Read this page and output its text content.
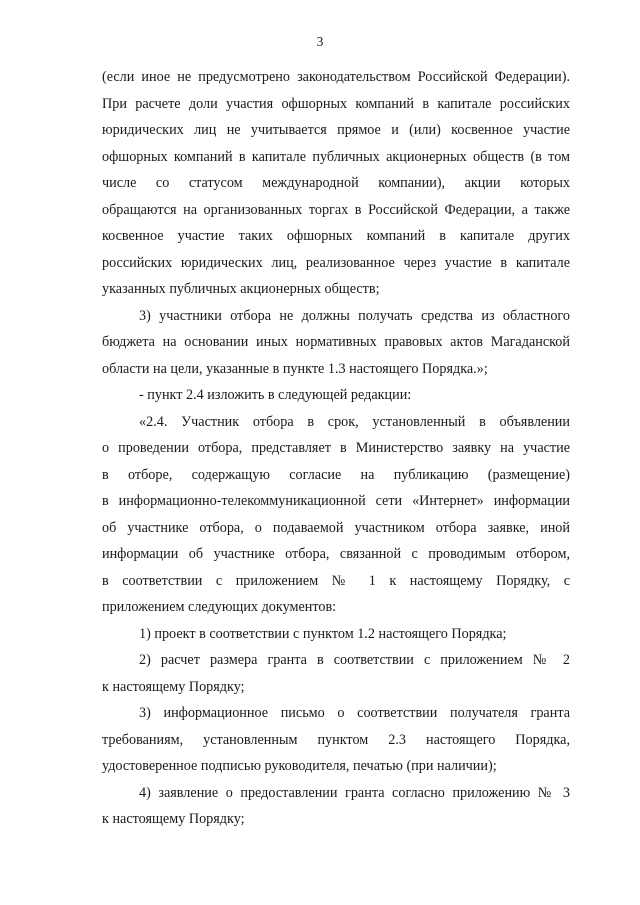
3
(если иное не предусмотрено законодательством Российской Федерации).
При расчете доли участия офшорных компаний в капитале российских
юридических лиц не учитывается прямое и (или) косвенное участие
офшорных компаний в капитале публичных акционерных обществ (в том
числе со статусом международной компании), акции которых
обращаются на организованных торгах в Российской Федерации, а также
косвенное участие таких офшорных компаний в капитале других
российских юридических лиц, реализованное через участие в капитале
указанных публичных акционерных обществ;
3) участники отбора не должны получать средства из областного
бюджета на основании иных нормативных правовых актов Магаданской
области на цели, указанные в пункте 1.3 настоящего Порядка.»;
- пункт 2.4 изложить в следующей редакции:
«2.4. Участник отбора в срок, установленный в объявлении
о проведении отбора, представляет в Министерство заявку на участие
в отборе, содержащую согласие на публикацию (размещение)
в информационно-телекоммуникационной сети «Интернет» информации
об участнике отбора, о подаваемой участником отбора заявке, иной
информации об участнике отбора, связанной с проводимым отбором,
в соответствии с приложением № 1 к настоящему Порядку, с
приложением следующих документов:
1) проект в соответствии с пунктом 1.2 настоящего Порядка;
2) расчет размера гранта в соответствии с приложением № 2
к настоящему Порядку;
3) информационное письмо о соответствии получателя гранта
требованиям, установленным пунктом 2.3 настоящего Порядка,
удостоверенное подписью руководителя, печатью (при наличии);
4) заявление о предоставлении гранта согласно приложению № 3
к настоящему Порядку;
